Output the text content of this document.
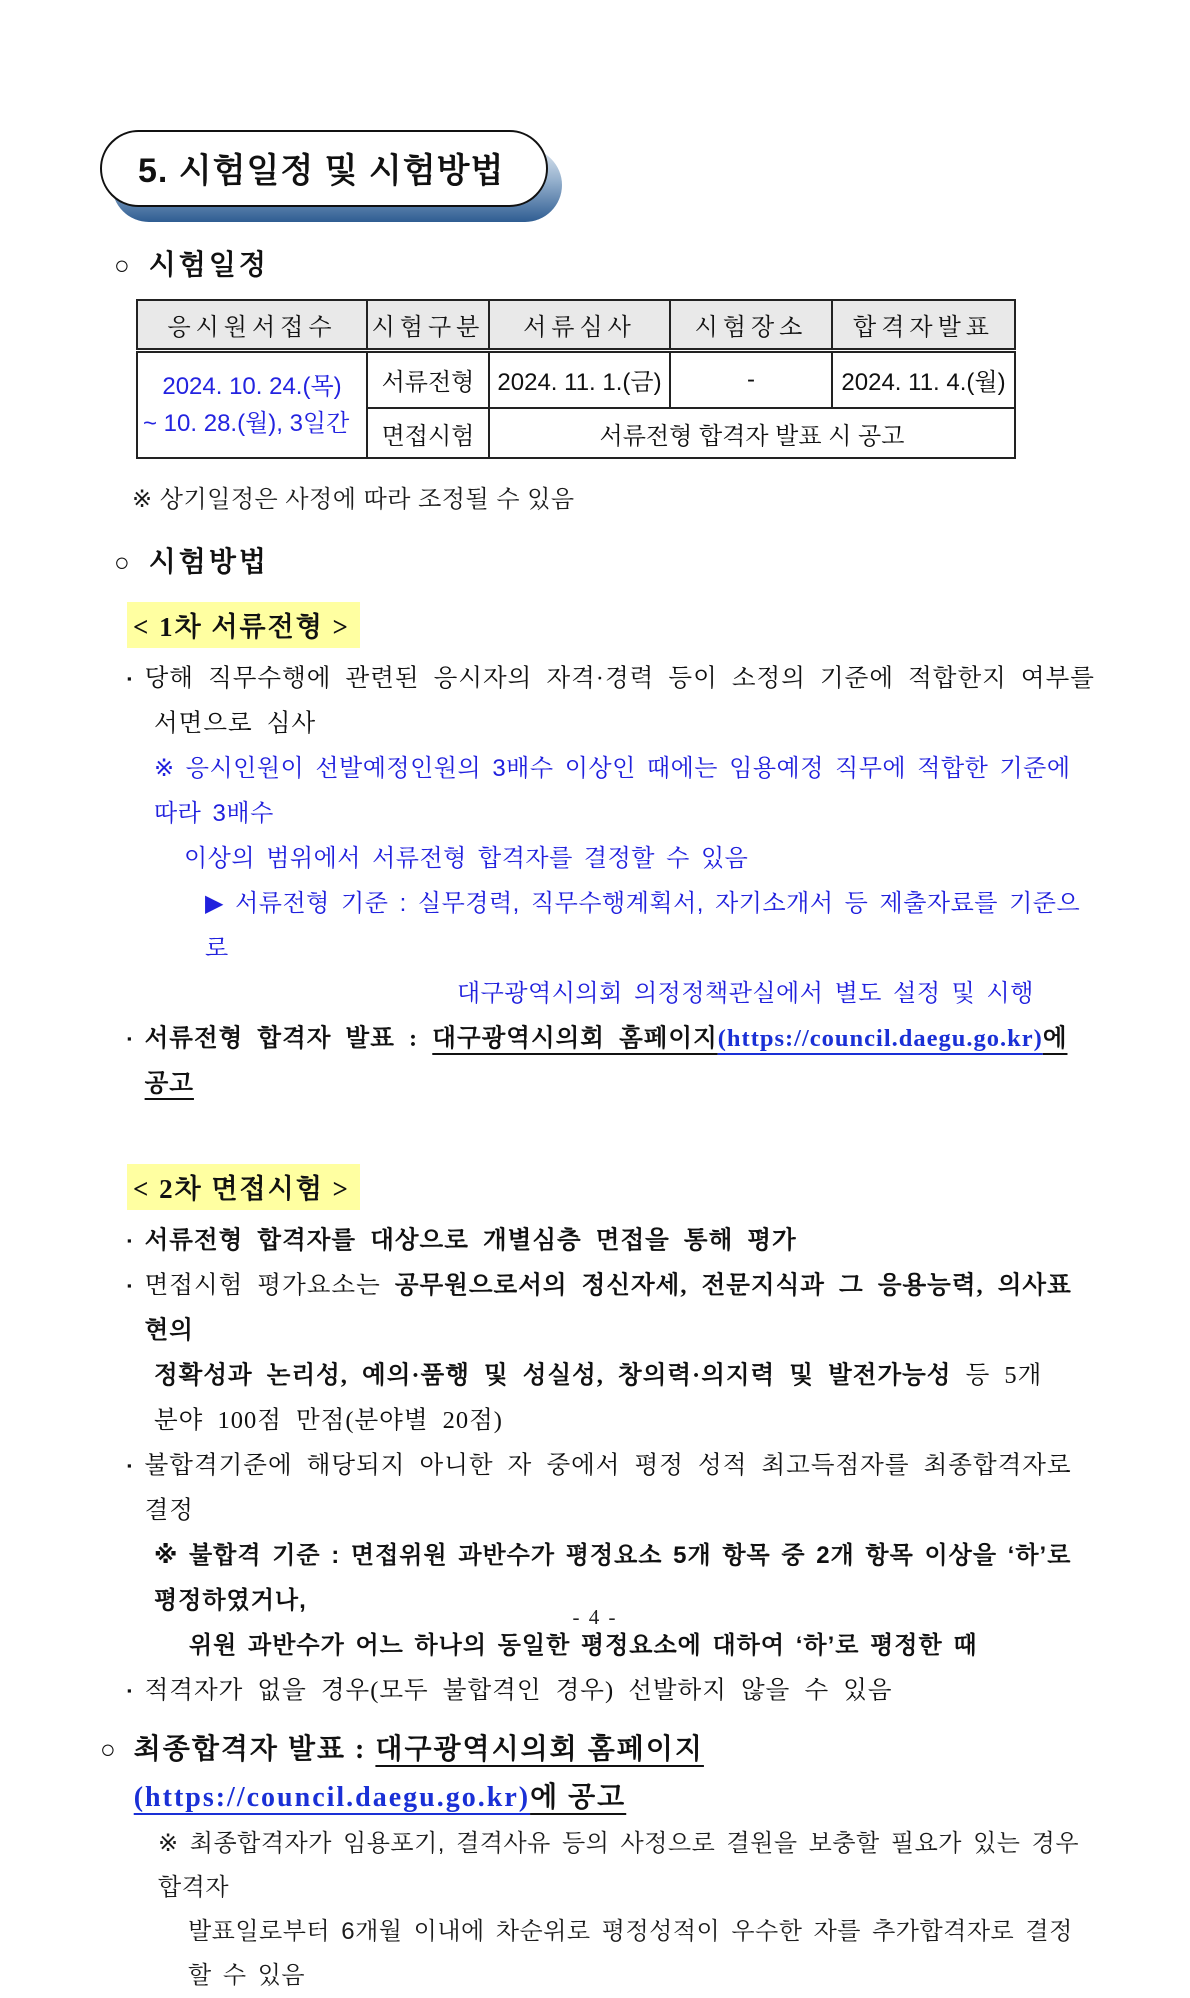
5. 시험일정 및 시험방법
○ 시험일정
응시원서접수	시험구분	서류심사	시험장소	합격자발표

2024. 10. 24.(목)
~ 10. 28.(월), 3일간	서류전형	2024. 11. 1.(금)	-	2024. 11. 4.(월)
	면접시험	서류전형 합격자 발표 시 공고		
※ 상기일정은 사정에 따라 조정될 수 있음
○ 시험방법
< 1차 서류전형 >
▪ 당해 직무수행에 관련된 응시자의 자격·경력 등이 소정의 기준에 적합한지 여부를
서면으로 심사
※ 응시인원이 선발예정인원의 3배수 이상인 때에는 임용예정 직무에 적합한 기준에 따라 3배수
이상의 범위에서 서류전형 합격자를 결정할 수 있음
▶ 서류전형 기준 : 실무경력, 직무수행계획서, 자기소개서 등 제출자료를 기준으로
대구광역시의회 의정정책관실에서 별도 설정 및 시행
▪ 서류전형 합격자 발표 : 대구광역시의회 홈페이지(https://council.daegu.go.kr)에 공고
< 2차 면접시험 >
▪ 서류전형 합격자를 대상으로 개별심층 면접을 통해 평가
▪ 면접시험 평가요소는 공무원으로서의 정신자세, 전문지식과 그 응용능력, 의사표현의
정확성과 논리성, 예의·품행 및 성실성, 창의력·의지력 및 발전가능성 등 5개
분야 100점 만점(분야별 20점)
▪ 불합격기준에 해당되지 아니한 자 중에서 평정 성적 최고득점자를 최종합격자로 결정
※ 불합격 기준 : 면접위원 과반수가 평정요소 5개 항목 중 2개 항목 이상을 ‘하’로 평정하였거나,
위원 과반수가 어느 하나의 동일한 평정요소에 대하여 ‘하’로 평정한 때
▪ 적격자가 없을 경우(모두 불합격인 경우) 선발하지 않을 수 있음
○ 최종합격자 발표 : 대구광역시의회 홈페이지(https://council.daegu.go.kr)에 공고
※ 최종합격자가 임용포기, 결격사유 등의 사정으로 결원을 보충할 필요가 있는 경우 합격자
발표일로부터 6개월 이내에 차순위로 평정성적이 우수한 자를 추가합격자로 결정할 수 있음
- 4 -
